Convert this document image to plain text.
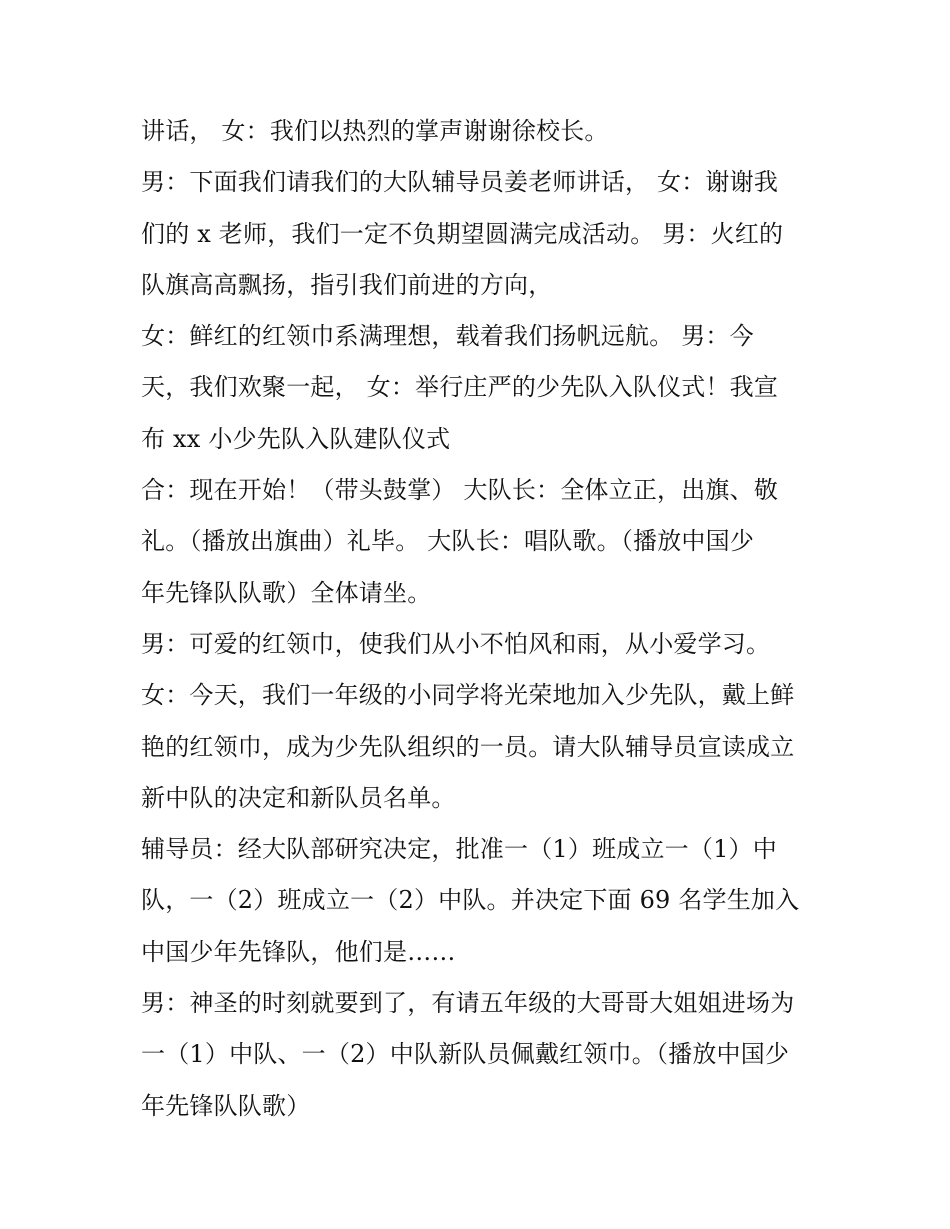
讲话， 女：我们以热烈的掌声谢谢徐校长。
男：下面我们请我们的大队辅导员姜老师讲话， 女：谢谢我
们的 x 老师，我们一定不负期望圆满完成活动。 男：火红的
队旗高高飘扬，指引我们前进的方向，
女：鲜红的红领巾系满理想，载着我们扬帆远航。 男：今
天，我们欢聚一起， 女：举行庄严的少先队入队仪式！我宣
布 xx 小少先队入队建队仪式
合：现在开始！（带头鼓掌） 大队长：全体立正，出旗、敬
礼。（播放出旗曲）礼毕。 大队长：唱队歌。（播放中国少
年先锋队队歌）全体请坐。
男：可爱的红领巾，使我们从小不怕风和雨，从小爱学习。
女：今天，我们一年级的小同学将光荣地加入少先队，戴上鲜
艳的红领巾，成为少先队组织的一员。请大队辅导员宣读成立
新中队的决定和新队员名单。
辅导员：经大队部研究决定，批准一（1）班成立一（1）中
队，一（2）班成立一（2）中队。并决定下面 69 名学生加入
中国少年先锋队，他们是……
男：神圣的时刻就要到了，有请五年级的大哥哥大姐姐进场为
一（1）中队、一（2）中队新队员佩戴红领巾。（播放中国少
年先锋队队歌）
